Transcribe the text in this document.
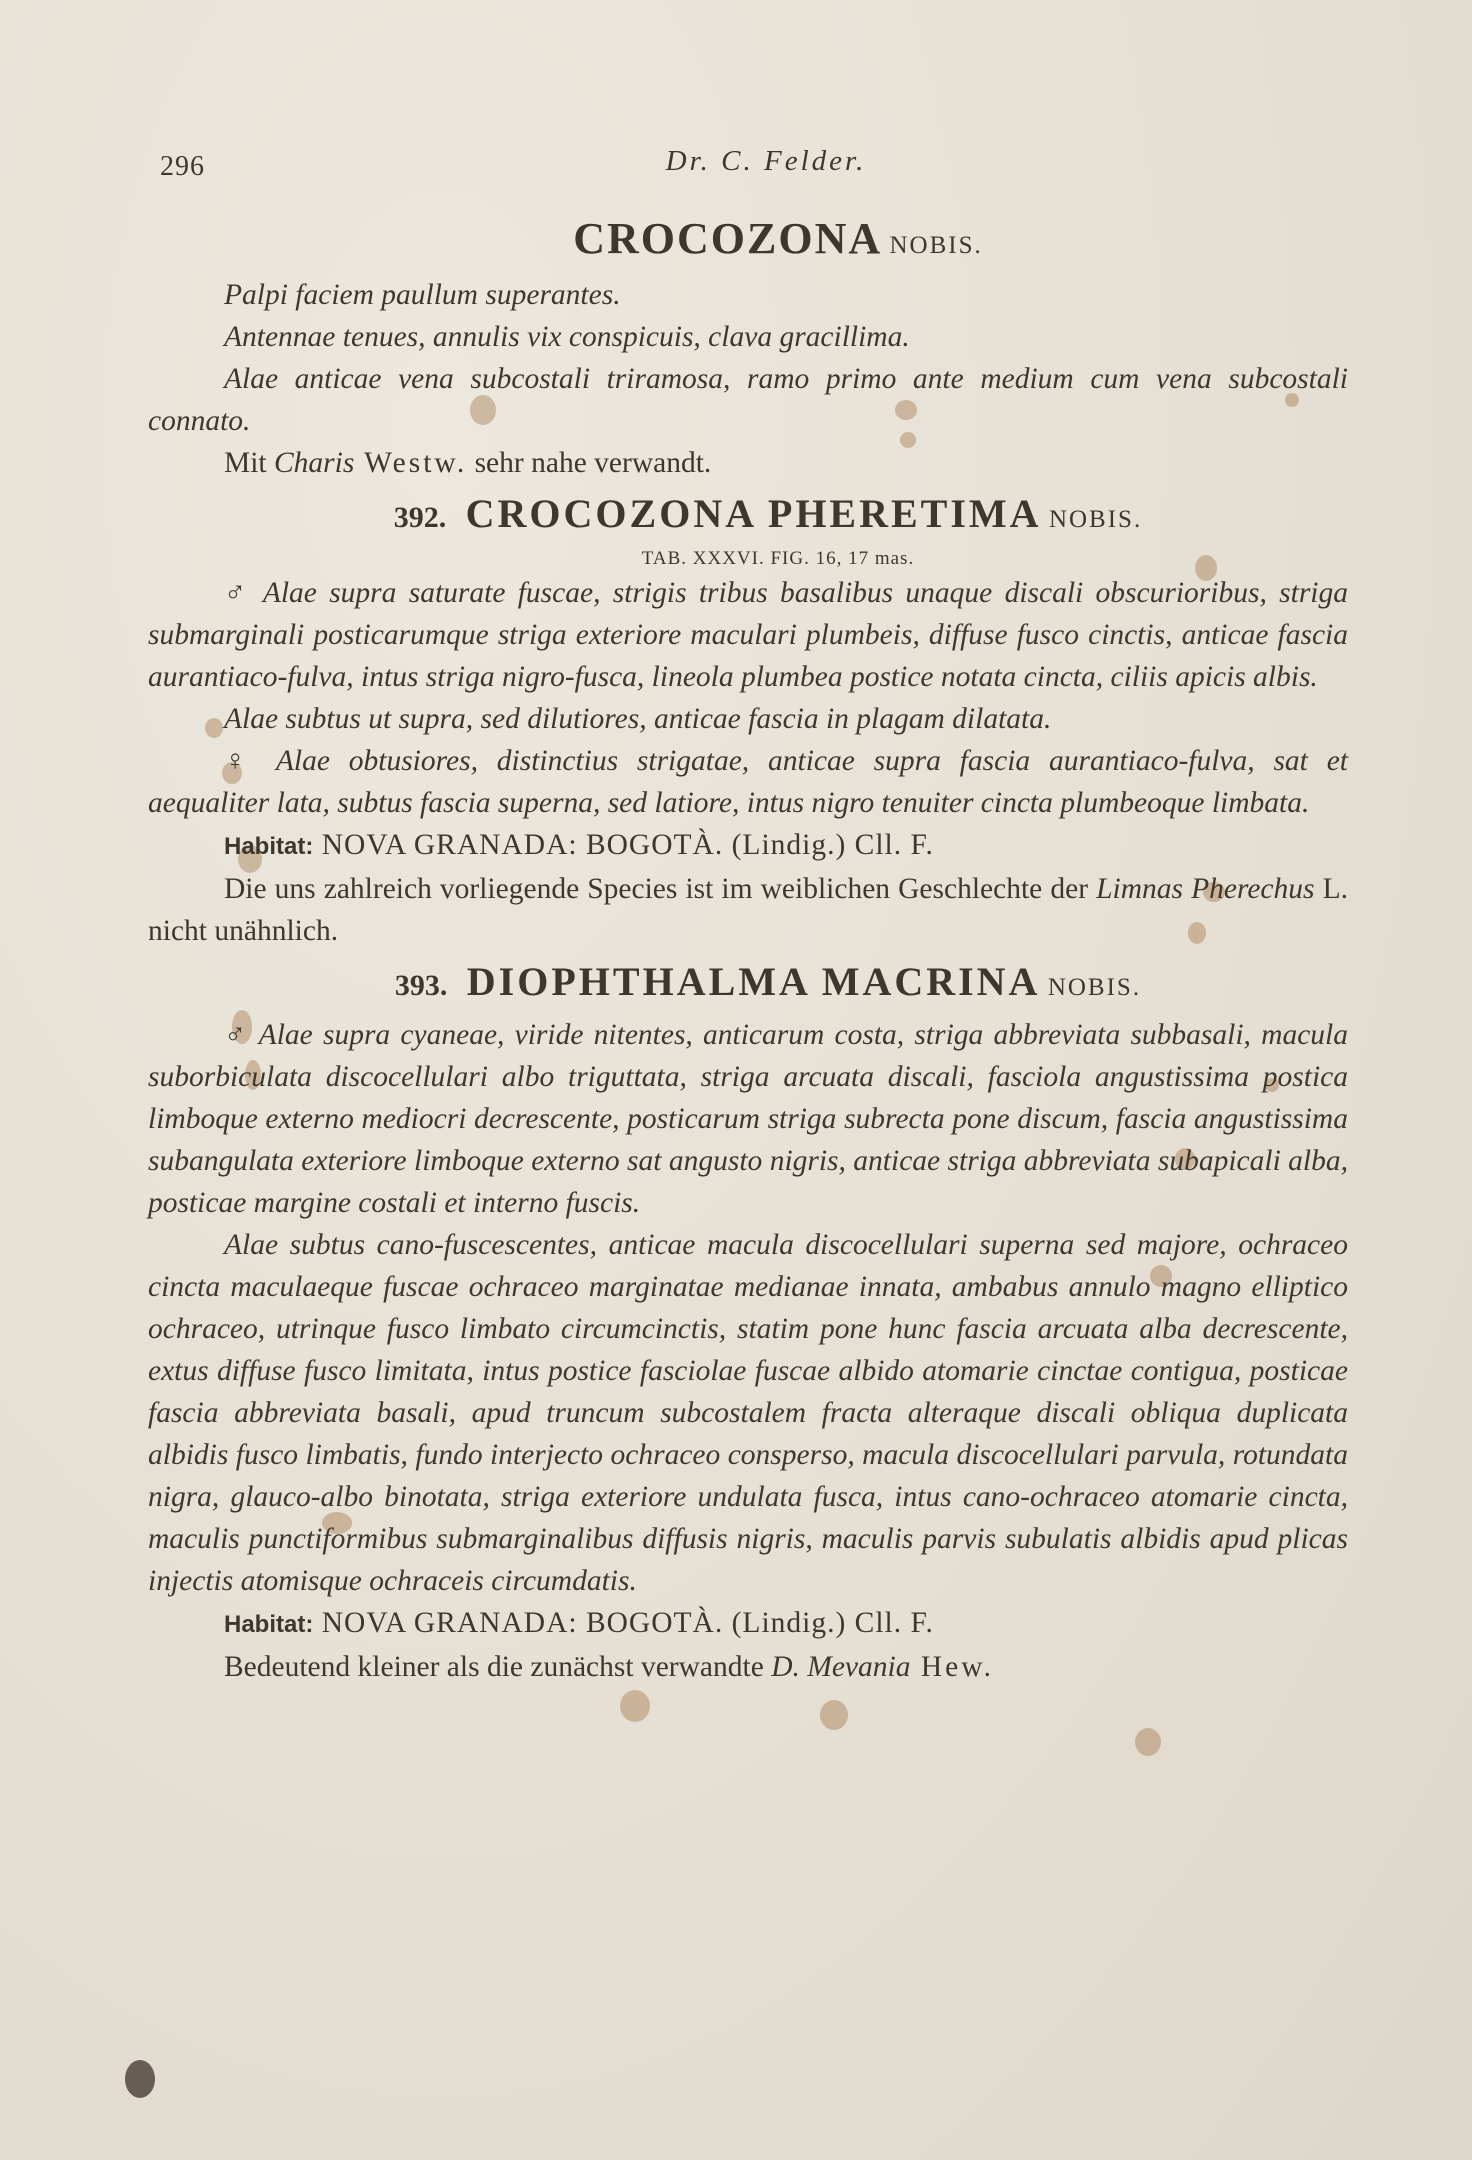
296	Dr. C. Felder.
CROCOZONA NOBIS.

Palpi faciem paullum superantes.

Antennae tenues, annulis vix conspicuis, clava gracillima.

Alae anticae vena subcostali triramosa, ramo primo ante medium cum vena subcostali connato.

Mit Charis Westw. sehr nahe verwandt.

392. CROCOZONA PHERETIMA NOBIS.
TAB. XXXVI. FIG. 16, 17 mas.

♂ Alae supra saturate fuscae, strigis tribus basalibus unaque discali obscurioribus, striga submarginali posticarumque striga exteriore maculari plumbeis, diffuse fusco cinctis, anticae fascia aurantiaco-fulva, intus striga nigro-fusca, lineola plumbea postice notata cincta, ciliis apicis albis.

Alae subtus ut supra, sed dilutiores, anticae fascia in plagam dilatata.

♀ Alae obtusiores, distinctius strigatae, anticae supra fascia aurantiaco-fulva, sat et aequaliter lata, subtus fascia superna, sed latiore, intus nigro tenuiter cincta plumbeoque limbata.

Habitat: NOVA GRANADA: BOGOTÀ. (Lindig.) Cll. F.

Die uns zahlreich vorliegende Species ist im weiblichen Geschlechte der Limnas Pherechus L. nicht unähnlich.

393. DIOPHTHALMA MACRINA NOBIS.

♂ Alae supra cyaneae, viride nitentes, anticarum costa, striga abbreviata subbasali, macula suborbiculata discocellulari albo triguttata, striga arcuata discali, fasciola angustissima postica limboque externo mediocri decrescente, posticarum striga subrecta pone discum, fascia angustissima subangulata exteriore limboque externo sat angusto nigris, anticae striga abbreviata subapicali alba, posticae margine costali et interno fuscis.

Alae subtus cano-fuscescentes, anticae macula discocellulari superna sed majore, ochraceo cincta maculaeque fuscae ochraceo marginatae medianae innata, ambabus annulo magno elliptico ochraceo, utrinque fusco limbato circumcinctis, statim pone hunc fascia arcuata alba decrescente, extus diffuse fusco limitata, intus postice fasciolae fuscae albido atomarie cinctae contigua, posticae fascia abbreviata basali, apud truncum subcostalem fracta alteraque discali obliqua duplicata albidis fusco limbatis, fundo interjecto ochraceo consperso, macula discocellulari parvula, rotundata nigra, glauco-albo binotata, striga exteriore undulata fusca, intus cano-ochraceo atomarie cincta, maculis punctiformibus submarginalibus diffusis nigris, maculis parvis subulatis albidis apud plicas injectis atomisque ochraceis circumdatis.

Habitat: NOVA GRANADA: BOGOTÀ. (Lindig.) Cll. F.

Bedeutend kleiner als die zunächst verwandte D. Mevania Hew.
